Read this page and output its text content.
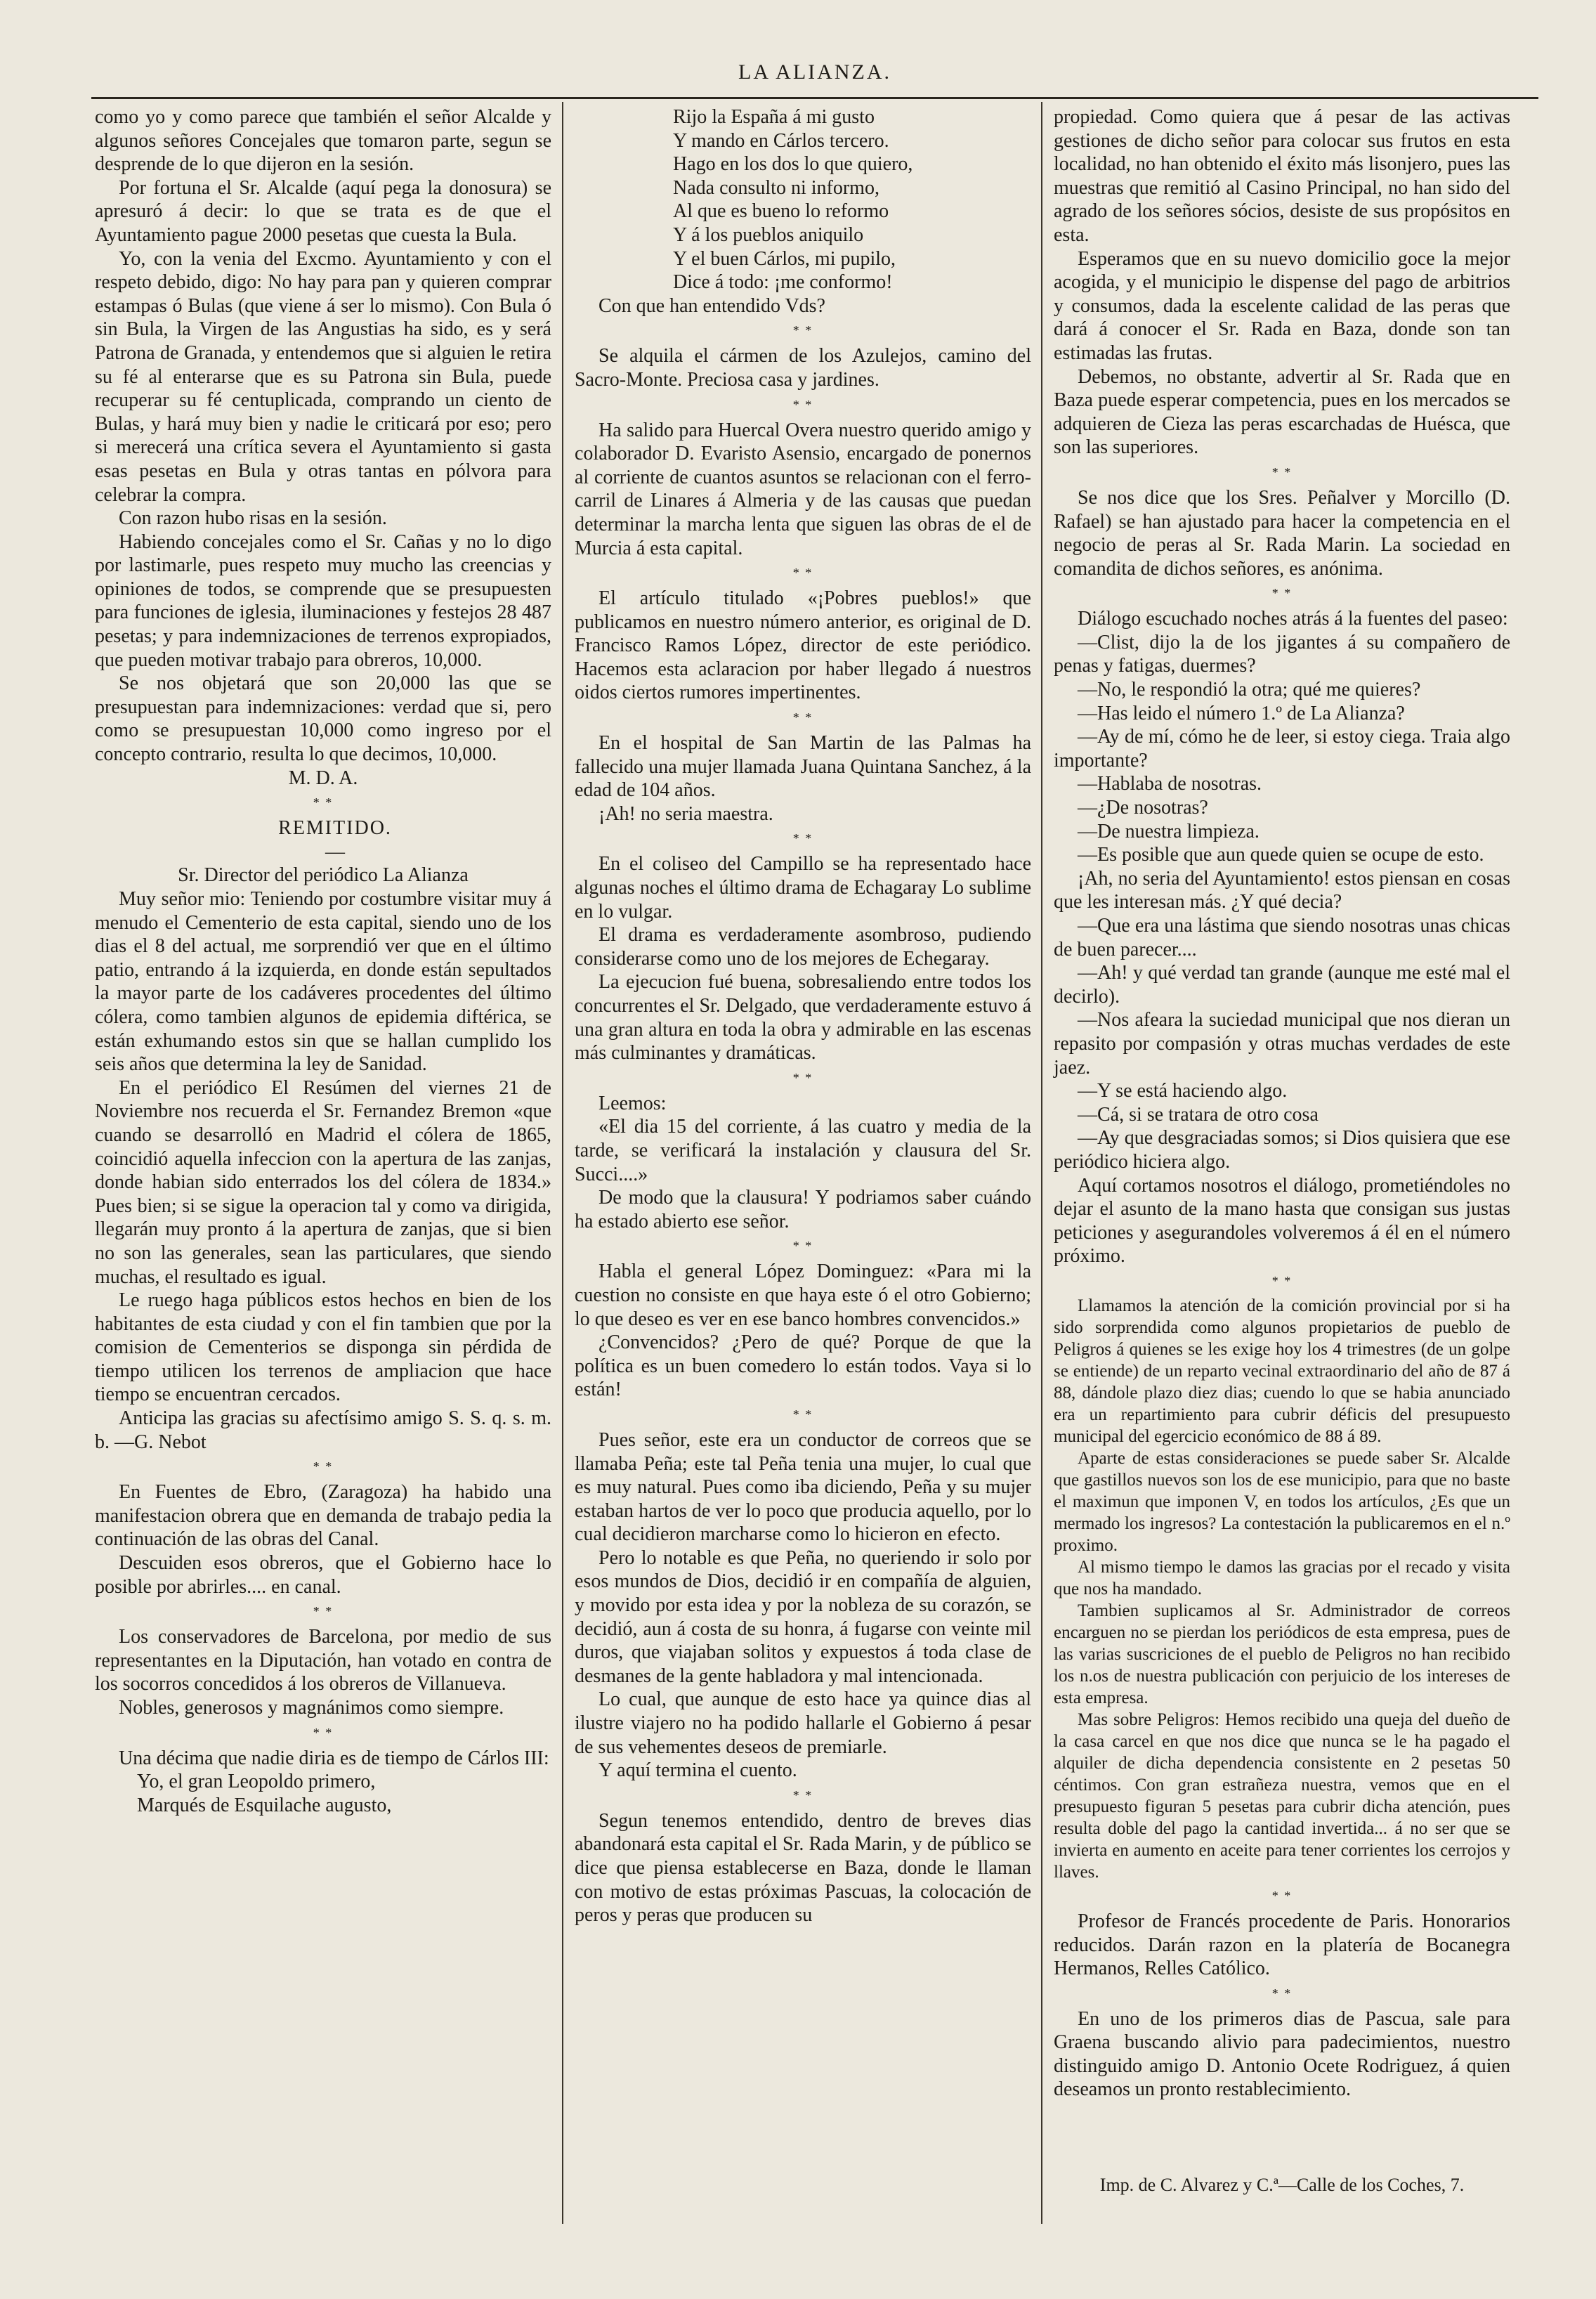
LA ALIANZA.

como yo y como parece que también el señor Alcalde y algunos señores Concejales que tomaron parte, segun se desprende de lo que dijeron en la sesión.

Por fortuna el Sr. Alcalde (aquí pega la donosura) se apresuró á decir: lo que se trata es de que el Ayuntamiento pague 2000 pesetas que cuesta la Bula.

Yo, con la venia del Excmo. Ayuntamiento y con el respeto debido, digo: No hay para pan y quieren comprar estampas ó Bulas (que viene á ser lo mismo). Con Bula ó sin Bula, la Virgen de las Angustias ha sido, es y será Patrona de Granada, y entendemos que si alguien le retira su fé al enterarse que es su Patrona sin Bula, puede recuperar su fé centuplicada, comprando un ciento de Bulas, y hará muy bien y nadie le criticará por eso; pero si merecerá una crítica severa el Ayuntamiento si gasta esas pesetas en Bula y otras tantas en pólvora para celebrar la compra.

Con razon hubo risas en la sesión.

Habiendo concejales como el Sr. Cañas y no lo digo por lastimarle, pues respeto muy mucho las creencias y opiniones de todos, se comprende que se presupuesten para funciones de iglesia, iluminaciones y festejos 28 487 pesetas; y para indemnizaciones de terrenos expropiados, que pueden motivar trabajo para obreros, 10,000.

Se nos objetará que son 20,000 las que se presupuestan para indemnizaciones: verdad que si, pero como se presupuestan 10,000 como ingreso por el concepto contrario, resulta lo que decimos, 10,000.

M. D. A.

* *

REMITIDO.

—

Sr. Director del periódico La Alianza

Muy señor mio: Teniendo por costumbre visitar muy á menudo el Cementerio de esta capital, siendo uno de los dias el 8 del actual, me sorprendió ver que en el último patio, entrando á la izquierda, en donde están sepultados la mayor parte de los cadáveres procedentes del último cólera, como tambien algunos de epidemia diftérica, se están exhumando estos sin que se hallan cumplido los seis años que determina la ley de Sanidad.

En el periódico El Resúmen del viernes 21 de Noviembre nos recuerda el Sr. Fernandez Bremon «que cuando se desarrolló en Madrid el cólera de 1865, coincidió aquella infeccion con la apertura de las zanjas, donde habian sido enterrados los del cólera de 1834.» Pues bien; si se sigue la operacion tal y como va dirigida, llegarán muy pronto á la apertura de zanjas, que si bien no son las generales, sean las particulares, que siendo muchas, el resultado es igual.

Le ruego haga públicos estos hechos en bien de los habitantes de esta ciudad y con el fin tambien que por la comision de Cementerios se disponga sin pérdida de tiempo utilicen los terrenos de ampliacion que hace tiempo se encuentran cercados.

Anticipa las gracias su afectísimo amigo S. S. q. s. m. b. —G. Nebot

* *

En Fuentes de Ebro, (Zaragoza) ha habido una manifestacion obrera que en demanda de trabajo pedia la continuación de las obras del Canal.

Descuiden esos obreros, que el Gobierno hace lo posible por abrirles.... en canal.

* *

Los conservadores de Barcelona, por medio de sus representantes en la Diputación, han votado en contra de los socorros concedidos á los obreros de Villanueva.

Nobles, generosos y magnánimos como siempre.

* *

Una décima que nadie diria es de tiempo de Cárlos III:

Yo, el gran Leopoldo primero,

Marqués de Esquilache augusto,

Rijo la España á mi gusto

Y mando en Cárlos tercero.

Hago en los dos lo que quiero,

Nada consulto ni informo,

Al que es bueno lo reformo

Y á los pueblos aniquilo

Y el buen Cárlos, mi pupilo,

Dice á todo: ¡me conformo!

Con que han entendido Vds?

* *

Se alquila el cármen de los Azulejos, camino del Sacro-Monte. Preciosa casa y jardines.

* *

Ha salido para Huercal Overa nuestro querido amigo y colaborador D. Evaristo Asensio, encargado de ponernos al corriente de cuantos asuntos se relacionan con el ferro-carril de Linares á Almeria y de las causas que puedan determinar la marcha lenta que siguen las obras de el de Murcia á esta capital.

* *

El artículo titulado «¡Pobres pueblos!» que publicamos en nuestro número anterior, es original de D. Francisco Ramos López, director de este periódico. Hacemos esta aclaracion por haber llegado á nuestros oidos ciertos rumores impertinentes.

* *

En el hospital de San Martin de las Palmas ha fallecido una mujer llamada Juana Quintana Sanchez, á la edad de 104 años.

¡Ah! no seria maestra.

* *

En el coliseo del Campillo se ha representado hace algunas noches el último drama de Echagaray Lo sublime en lo vulgar.

El drama es verdaderamente asombroso, pudiendo considerarse como uno de los mejores de Echegaray.

La ejecucion fué buena, sobresaliendo entre todos los concurrentes el Sr. Delgado, que verdaderamente estuvo á una gran altura en toda la obra y admirable en las escenas más culminantes y dramáticas.

* *

Leemos:

«El dia 15 del corriente, á las cuatro y media de la tarde, se verificará la instalación y clausura del Sr. Succi....»

De modo que la clausura! Y podriamos saber cuándo ha estado abierto ese señor.

* *

Habla el general López Dominguez: «Para mi la cuestion no consiste en que haya este ó el otro Gobierno; lo que deseo es ver en ese banco hombres convencidos.»

¿Convencidos? ¿Pero de qué? Porque de que la política es un buen comedero lo están todos. Vaya si lo están!

* *

Pues señor, este era un conductor de correos que se llamaba Peña; este tal Peña tenia una mujer, lo cual que es muy natural. Pues como iba diciendo, Peña y su mujer estaban hartos de ver lo poco que producia aquello, por lo cual decidieron marcharse como lo hicieron en efecto.

Pero lo notable es que Peña, no queriendo ir solo por esos mundos de Dios, decidió ir en compañía de alguien, y movido por esta idea y por la nobleza de su corazón, se decidió, aun á costa de su honra, á fugarse con veinte mil duros, que viajaban solitos y expuestos á toda clase de desmanes de la gente habladora y mal intencionada.

Lo cual, que aunque de esto hace ya quince dias al ilustre viajero no ha podido hallarle el Gobierno á pesar de sus vehementes deseos de premiarle.

Y aquí termina el cuento.

* *

Segun tenemos entendido, dentro de breves dias abandonará esta capital el Sr. Rada Marin, y de público se dice que piensa establecerse en Baza, donde le llaman con motivo de estas próximas Pascuas, la colocación de peros y peras que producen su

propiedad. Como quiera que á pesar de las activas gestiones de dicho señor para colocar sus frutos en esta localidad, no han obtenido el éxito más lisonjero, pues las muestras que remitió al Casino Principal, no han sido del agrado de los señores sócios, desiste de sus propósitos en esta.

Esperamos que en su nuevo domicilio goce la mejor acogida, y el municipio le dispense del pago de arbitrios y consumos, dada la escelente calidad de las peras que dará á conocer el Sr. Rada en Baza, donde son tan estimadas las frutas.

Debemos, no obstante, advertir al Sr. Rada que en Baza puede esperar competencia, pues en los mercados se adquieren de Cieza las peras escarchadas de Huésca, que son las superiores.

* *

Se nos dice que los Sres. Peñalver y Morcillo (D. Rafael) se han ajustado para hacer la competencia en el negocio de peras al Sr. Rada Marin. La sociedad en comandita de dichos señores, es anónima.

* *

Diálogo escuchado noches atrás á la fuentes del paseo:

—Clist, dijo la de los jigantes á su compañero de penas y fatigas, duermes?

—No, le respondió la otra; qué me quieres?

—Has leido el número 1.º de La Alianza?

—Ay de mí, cómo he de leer, si estoy ciega. Traia algo importante?

—Hablaba de nosotras.

—¿De nosotras?

—De nuestra limpieza.

—Es posible que aun quede quien se ocupe de esto.

¡Ah, no seria del Ayuntamiento! estos piensan en cosas que les interesan más. ¿Y qué decia?

—Que era una lástima que siendo nosotras unas chicas de buen parecer....

—Ah! y qué verdad tan grande (aunque me esté mal el decirlo).

—Nos afeara la suciedad municipal que nos dieran un repasito por compasión y otras muchas verdades de este jaez.

—Y se está haciendo algo.

—Cá, si se tratara de otro cosa

—Ay que desgraciadas somos; si Dios quisiera que ese periódico hiciera algo.

Aquí cortamos nosotros el diálogo, prometiéndoles no dejar el asunto de la mano hasta que consigan sus justas peticiones y asegurandoles volveremos á él en el número próximo.

* *

Llamamos la atención de la comición provincial por si ha sido sorprendida como algunos propietarios de pueblo de Peligros á quienes se les exige hoy los 4 trimestres (de un golpe se entiende) de un reparto vecinal extraordinario del año de 87 á 88, dándole plazo diez dias; cuendo lo que se habia anunciado era un repartimiento para cubrir déficis del presupuesto municipal del egercicio económico de 88 á 89.

Aparte de estas consideraciones se puede saber Sr. Alcalde que gastillos nuevos son los de ese municipio, para que no baste el maximun que imponen V, en todos los artículos, ¿Es que un mermado los ingresos? La contestación la publicaremos en el n.º proximo.

Al mismo tiempo le damos las gracias por el recado y visita que nos ha mandado.

Tambien suplicamos al Sr. Administrador de correos encarguen no se pierdan los periódicos de esta empresa, pues de las varias suscriciones de el pueblo de Peligros no han recibido los n.os de nuestra publicación con perjuicio de los intereses de esta empresa.

Mas sobre Peligros: Hemos recibido una queja del dueño de la casa carcel en que nos dice que nunca se le ha pagado el alquiler de dicha dependencia consistente en 2 pesetas 50 céntimos. Con gran estrañeza nuestra, vemos que en el presupuesto figuran 5 pesetas para cubrir dicha atención, pues resulta doble del pago la cantidad invertida... á no ser que se invierta en aumento en aceite para tener corrientes los cerrojos y llaves.

* *

Profesor de Francés procedente de Paris. Honorarios reducidos. Darán razon en la platería de Bocanegra Hermanos, Relles Católico.

* *

En uno de los primeros dias de Pascua, sale para Graena buscando alivio para padecimientos, nuestro distinguido amigo D. Antonio Ocete Rodriguez, á quien deseamos un pronto restablecimiento.

Imp. de C. Alvarez y C.ª—Calle de los Coches, 7.
